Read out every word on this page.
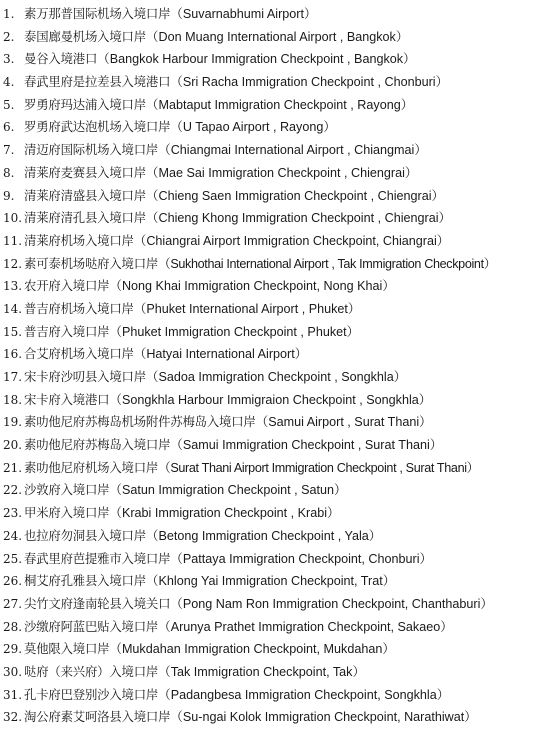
1. 素万那普国际机场入境口岸（Suvarnabhumi Airport）
2. 泰国廊曼机场入境口岸（Don Muang International Airport , Bangkok）
3. 曼谷入境港口（Bangkok Harbour Immigration Checkpoint , Bangkok）
4. 春武里府是拉差县入境港口（Sri Racha Immigration Checkpoint , Chonburi）
5. 罗勇府玛达浦入境口岸（Mabtaput Immigration Checkpoint , Rayong）
6. 罗勇府武达泡机场入境口岸（U Tapao Airport , Rayong）
7. 清迈府国际机场入境口岸（Chiangmai International Airport , Chiangmai）
8. 清莱府麦赛县入境口岸（Mae Sai Immigration Checkpoint , Chiengrai）
9. 清莱府清盛县入境口岸（Chieng Saen Immigration Checkpoint , Chiengrai）
10. 清莱府清孔县入境口岸（Chieng Khong Immigration Checkpoint , Chiengrai）
11. 清莱府机场入境口岸（Chiangrai Airport Immigration Checkpoint, Chiangrai）
12. 素可泰机场哒府入境口岸（Sukhothai International Airport , Tak Immigration Checkpoint）
13. 农开府入境口岸（Nong Khai Immigration Checkpoint, Nong Khai）
14. 普吉府机场入境口岸（Phuket International Airport , Phuket）
15. 普吉府入境口岸（Phuket Immigration Checkpoint , Phuket）
16. 合艾府机场入境口岸（Hatyai International Airport）
17. 宋卡府沙叨县入境口岸（Sadoa Immigration Checkpoint , Songkhla）
18. 宋卡府入境港口（Songkhla Harbour Immigraion Checkpoint , Songkhla）
19. 素叻他尼府苏梅岛机场附件苏梅岛入境口岸（Samui Airport , Surat Thani）
20. 素叻他尼府苏梅岛入境口岸（Samui Immigration Checkpoint , Surat Thani）
21. 素叻他尼府机场入境口岸（Surat Thani Airport Immigration Checkpoint , Surat Thani）
22. 沙敦府入境口岸（Satun Immigration Checkpoint , Satun）
23. 甲米府入境口岸（Krabi Immigration Checkpoint , Krabi）
24. 也拉府勿洞县入境口岸（Betong Immigration Checkpoint , Yala）
25. 春武里府芭提雅市入境口岸（Pattaya Immigration Checkpoint, Chonburi）
26. 桐艾府孔雅县入境口岸（Khlong Yai Immigration Checkpoint, Trat）
27. 尖竹文府逢南轮县入境关口（Pong Nam Ron Immigration Checkpoint, Chanthaburi）
28. 沙缴府阿蓝巴贴入境口岸（Arunya Prathet Immigration Checkpoint, Sakaeo）
29. 莫他限入境口岸（Mukdahan Immigration Checkpoint, Mukdahan）
30. 哒府（来兴府）入境口岸（Tak Immigration Checkpoint, Tak）
31. 孔卡府巴登别沙入境口岸（Padangbesa Immigration Checkpoint, Songkhla）
32. 淘公府素艾呵洛县入境口岸（Su-ngai Kolok Immigration Checkpoint, Narathiwat）
